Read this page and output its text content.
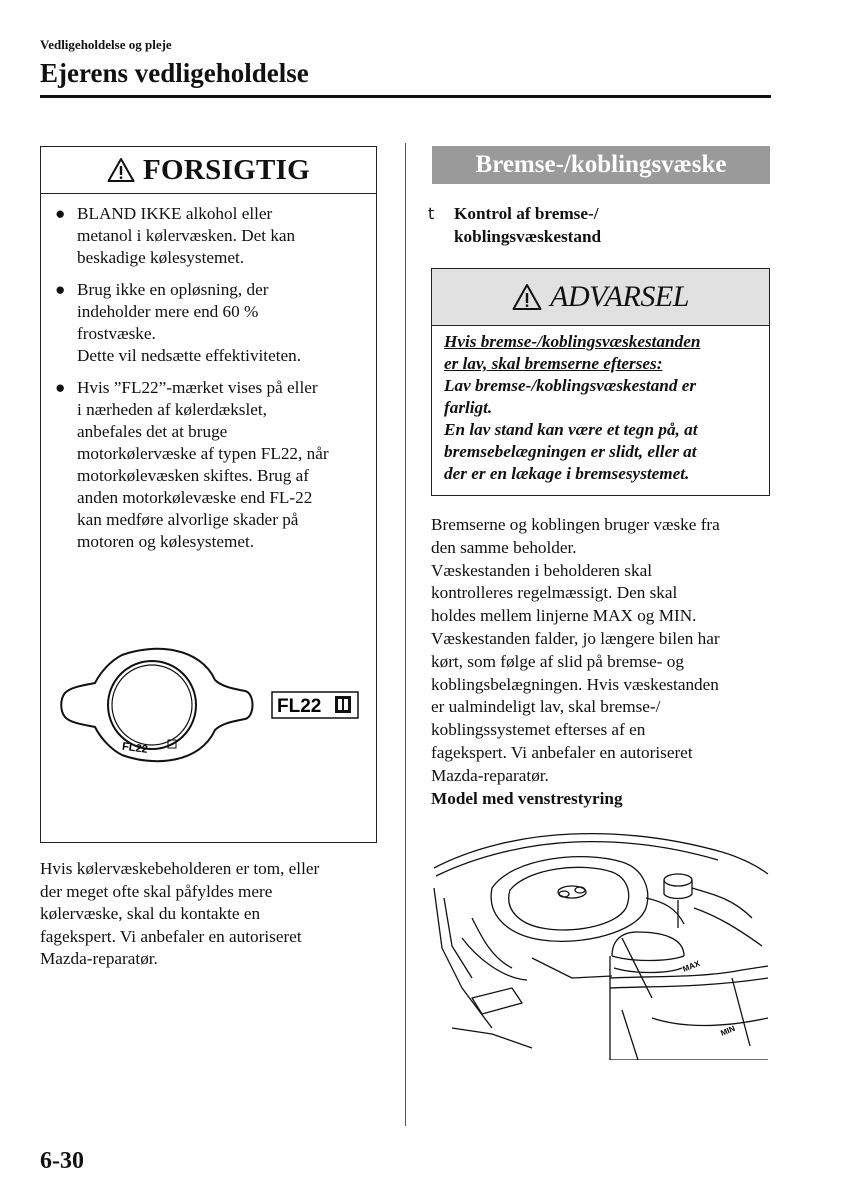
Vedligeholdelse og pleje
Ejerens vedligeholdelse
FORSIGTIG
● BLAND IKKE alkohol eller
metanol i kølervæsken. Det kan
beskadige kølesystemet.
● Brug ikke en opløsning, der
indeholder mere end 60 %
frostvæske.
Dette vil nedsætte effektiviteten.
● Hvis ”FL22”-mærket vises på eller
i nærheden af kølerdækslet,
anbefales det at bruge
motorkølervæske af typen FL22, når
motorkølevæsken skiftes. Brug af
anden motorkølevæske end FL-22
kan medføre alvorlige skader på
motoren og kølesystemet.
FL22
FL22
Hvis kølervæskebeholderen er tom, eller
der meget ofte skal påfyldes mere
kølervæske, skal du kontakte en
fagekspert. Vi anbefaler en autoriseret
Mazda-reparatør.
Bremse-/koblingsvæske
t	Kontrol af bremse-/
koblingsvæskestand
ADVARSEL
Hvis bremse-/koblingsvæskestanden
er lav, skal bremserne efterses:
Lav bremse-/koblingsvæskestand er
farligt.
En lav stand kan være et tegn på, at
bremsebelægningen er slidt, eller at
der er en lækage i bremsesystemet.
Bremserne og koblingen bruger væske fra
den samme beholder.
Væskestanden i beholderen skal
kontrolleres regelmæssigt. Den skal
holdes mellem linjerne MAX og MIN.
Væskestanden falder, jo længere bilen har
kørt, som følge af slid på bremse- og
koblingsbelægningen. Hvis væskestanden
er ualmindeligt lav, skal bremse-/
koblingssystemet efterses af en
fagekspert. Vi anbefaler en autoriseret
Mazda-reparatør.
Model med venstrestyring
MAX
MIN
6-30
